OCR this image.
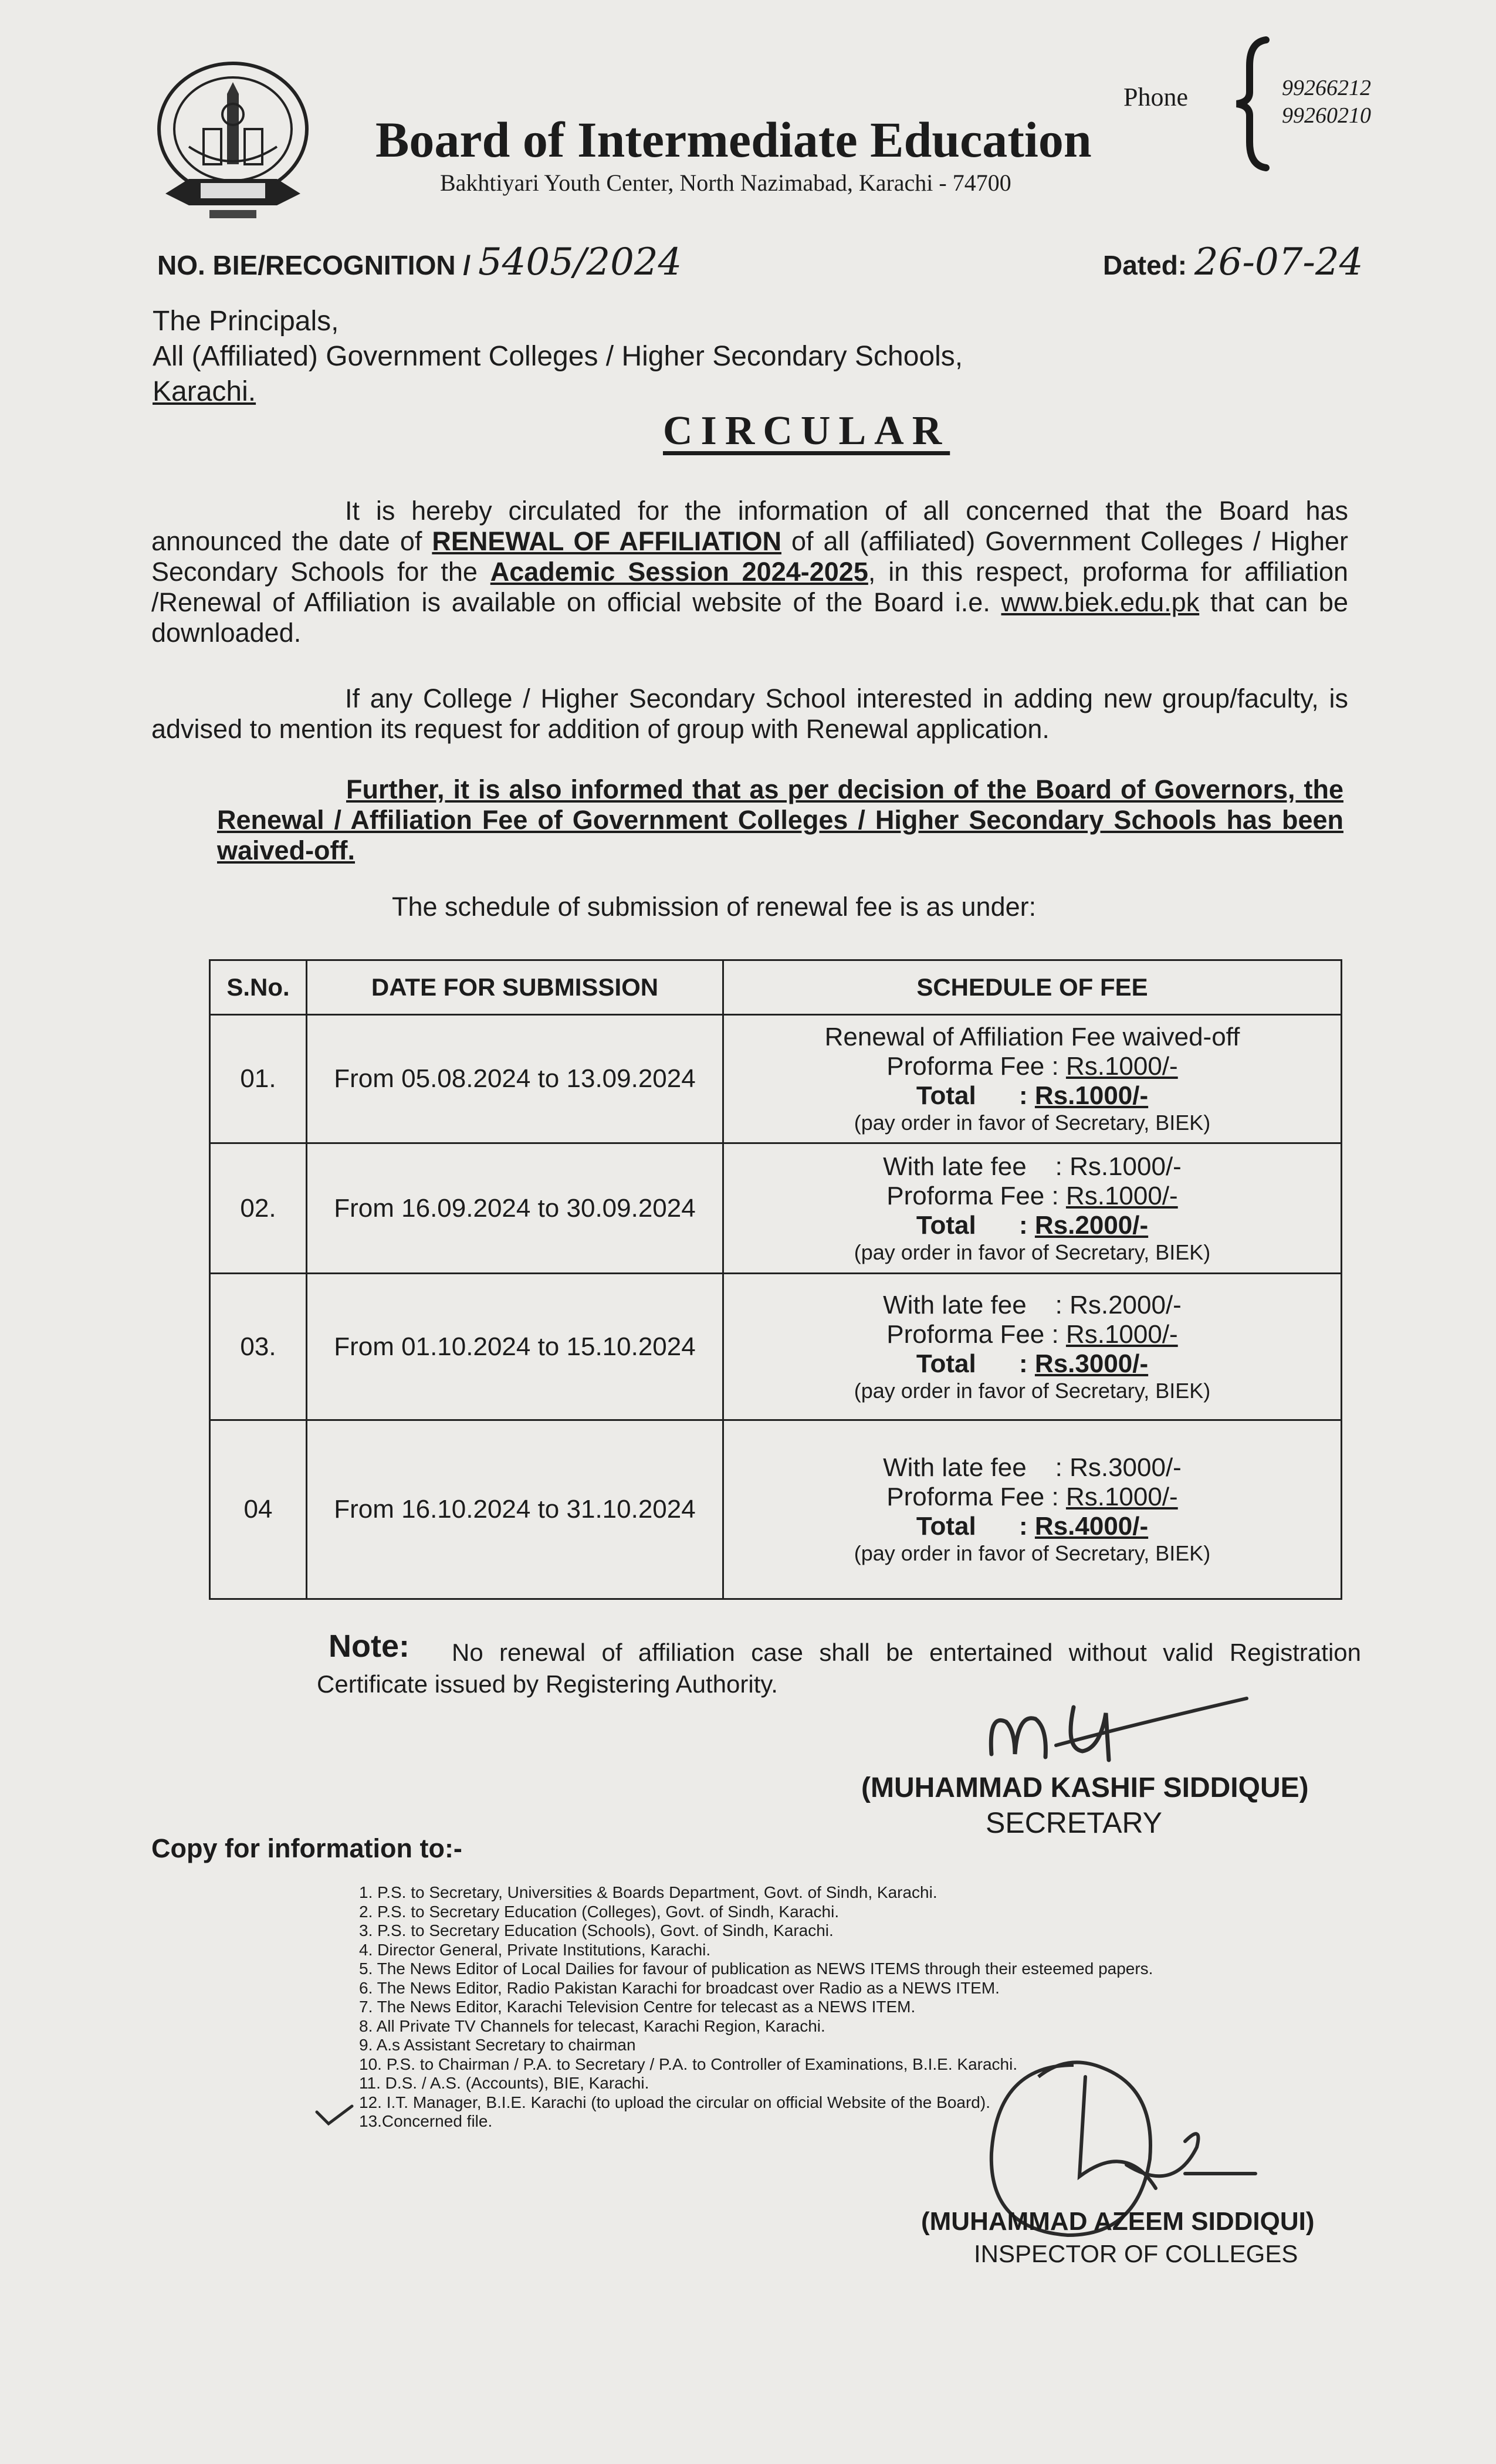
Board of Intermediate Education
Bakhtiyari Youth Center, North Nazimabad, Karachi - 74700
Phone	99266212
99260210
NO. BIE/RECOGNITION / 5405/2024	Dated: 26-07-24
The Principals,
All (Affiliated) Government Colleges / Higher Secondary Schools,
Karachi.
CIRCULAR
It is hereby circulated for the information of all concerned that the Board has announced the date of RENEWAL OF AFFILIATION of all (affiliated) Government Colleges / Higher Secondary Schools for the Academic Session 2024-2025, in this respect, proforma for affiliation /Renewal of Affiliation is available on official website of the Board i.e. www.biek.edu.pk that can be downloaded.
If any College / Higher Secondary School interested in adding new group/faculty, is advised to mention its request for addition of group with Renewal application.
Further, it is also informed that as per decision of the Board of Governors, the Renewal / Affiliation Fee of Government Colleges / Higher Secondary Schools has been waived-off.
The schedule of submission of renewal fee is as under:
S.No.	DATE FOR SUBMISSION	SCHEDULE OF FEE
01.	From 05.08.2024 to 13.09.2024	Renewal of Affiliation Fee waived-off
Proforma Fee : Rs.1000/-
Total      : Rs.1000/-
(pay order in favor of Secretary, BIEK)

02.	From 16.09.2024 to 30.09.2024	With late fee    : Rs.1000/-
Proforma Fee : Rs.1000/-
Total      : Rs.2000/-
(pay order in favor of Secretary, BIEK)

03.	From 01.10.2024 to 15.10.2024	With late fee    : Rs.2000/-
Proforma Fee : Rs.1000/-
Total      : Rs.3000/-
(pay order in favor of Secretary, BIEK)

04	From 16.10.2024 to 31.10.2024	With late fee    : Rs.3000/-
Proforma Fee : Rs.1000/-
Total      : Rs.4000/-
(pay order in favor of Secretary, BIEK)
No renewal of affiliation case shall be entertained without valid Registration Certificate issued by Registering Authority.
Note:
(MUHAMMAD KASHIF SIDDIQUE)
SECRETARY
Copy for information to:-
1. P.S. to Secretary, Universities & Boards Department, Govt. of Sindh, Karachi.
2. P.S. to Secretary Education (Colleges), Govt. of Sindh, Karachi.
3. P.S. to Secretary Education (Schools), Govt. of Sindh, Karachi.
4. Director General, Private Institutions, Karachi.
5. The News Editor of Local Dailies for favour of publication as NEWS ITEMS through their esteemed papers.
6. The News Editor, Radio Pakistan Karachi for broadcast over Radio as a NEWS ITEM.
7. The News Editor, Karachi Television Centre for telecast as a NEWS ITEM.
8. All Private TV Channels for telecast, Karachi Region, Karachi.
9. A.s Assistant Secretary to chairman
10. P.S. to Chairman / P.A. to Secretary / P.A. to Controller of Examinations, B.I.E. Karachi.
11. D.S. / A.S. (Accounts), BIE, Karachi.
12. I.T. Manager, B.I.E. Karachi (to upload the circular on official Website of the Board).
13.Concerned file.
(MUHAMMAD AZEEM SIDDIQUI)
INSPECTOR OF COLLEGES
